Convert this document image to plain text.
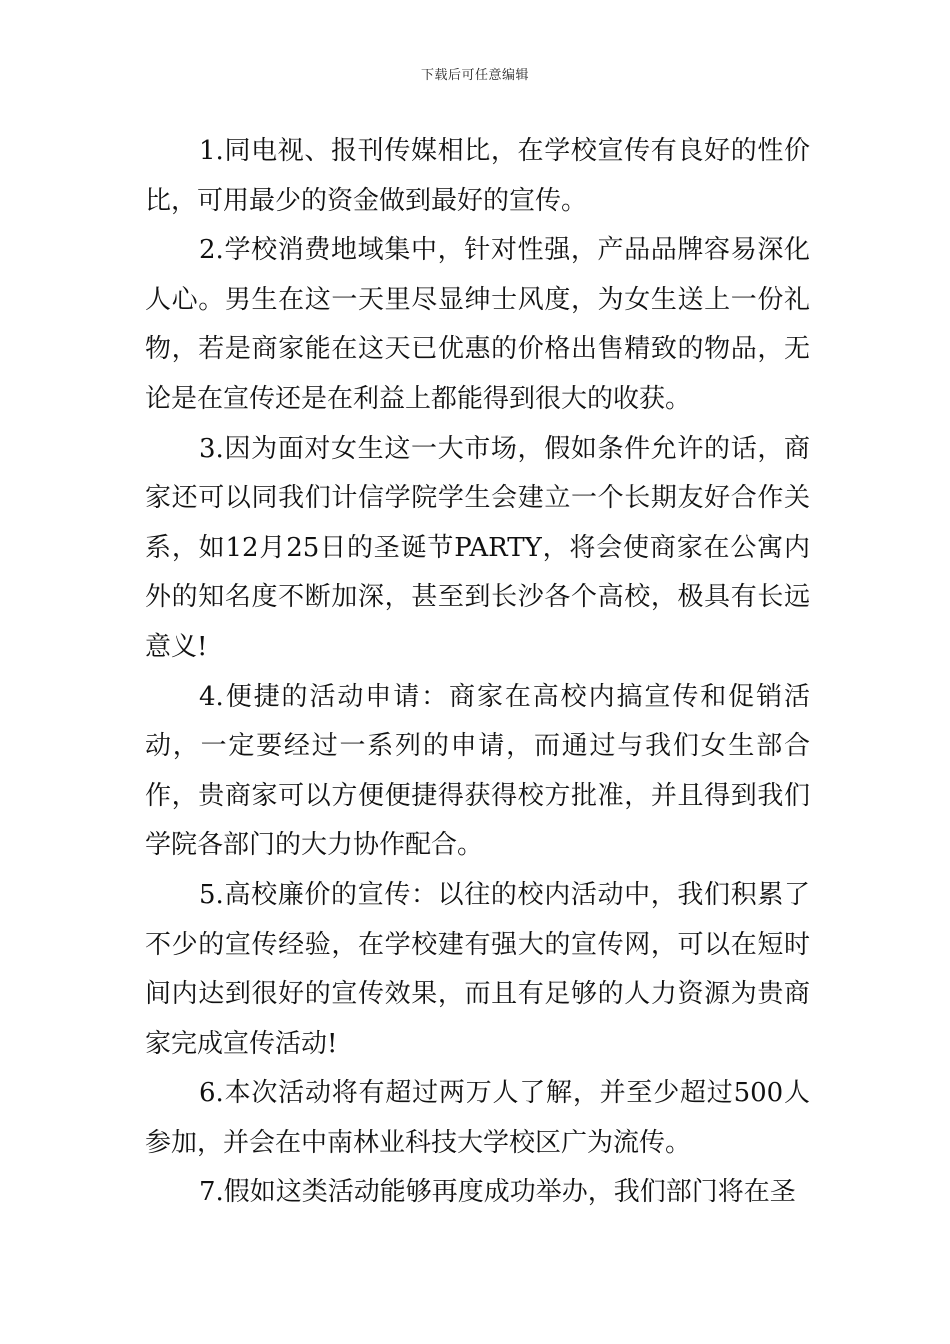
下载后可任意编辑

1.同电视、报刊传媒相比，在学校宣传有良好的性价比，可用最少的资金做到最好的宣传。

2.学校消费地域集中，针对性强，产品品牌容易深化人心。男生在这一天里尽显绅士风度，为女生送上一份礼物，若是商家能在这天已优惠的价格出售精致的物品，无论是在宣传还是在利益上都能得到很大的收获。

3.因为面对女生这一大市场，假如条件允许的话，商家还可以同我们计信学院学生会建立一个长期友好合作关系，如12月25日的圣诞节PARTY，将会使商家在公寓内外的知名度不断加深，甚至到长沙各个高校，极具有长远意义!

4.便捷的活动申请：商家在高校内搞宣传和促销活动，一定要经过一系列的申请，而通过与我们女生部合作，贵商家可以方便便捷得获得校方批准，并且得到我们学院各部门的大力协作配合。

5.高校廉价的宣传：以往的校内活动中，我们积累了不少的宣传经验，在学校建有强大的宣传网，可以在短时间内达到很好的宣传效果，而且有足够的人力资源为贵商家完成宣传活动!

6.本次活动将有超过两万人了解，并至少超过500人参加，并会在中南林业科技大学校区广为流传。

7.假如这类活动能够再度成功举办，我们部门将在圣
